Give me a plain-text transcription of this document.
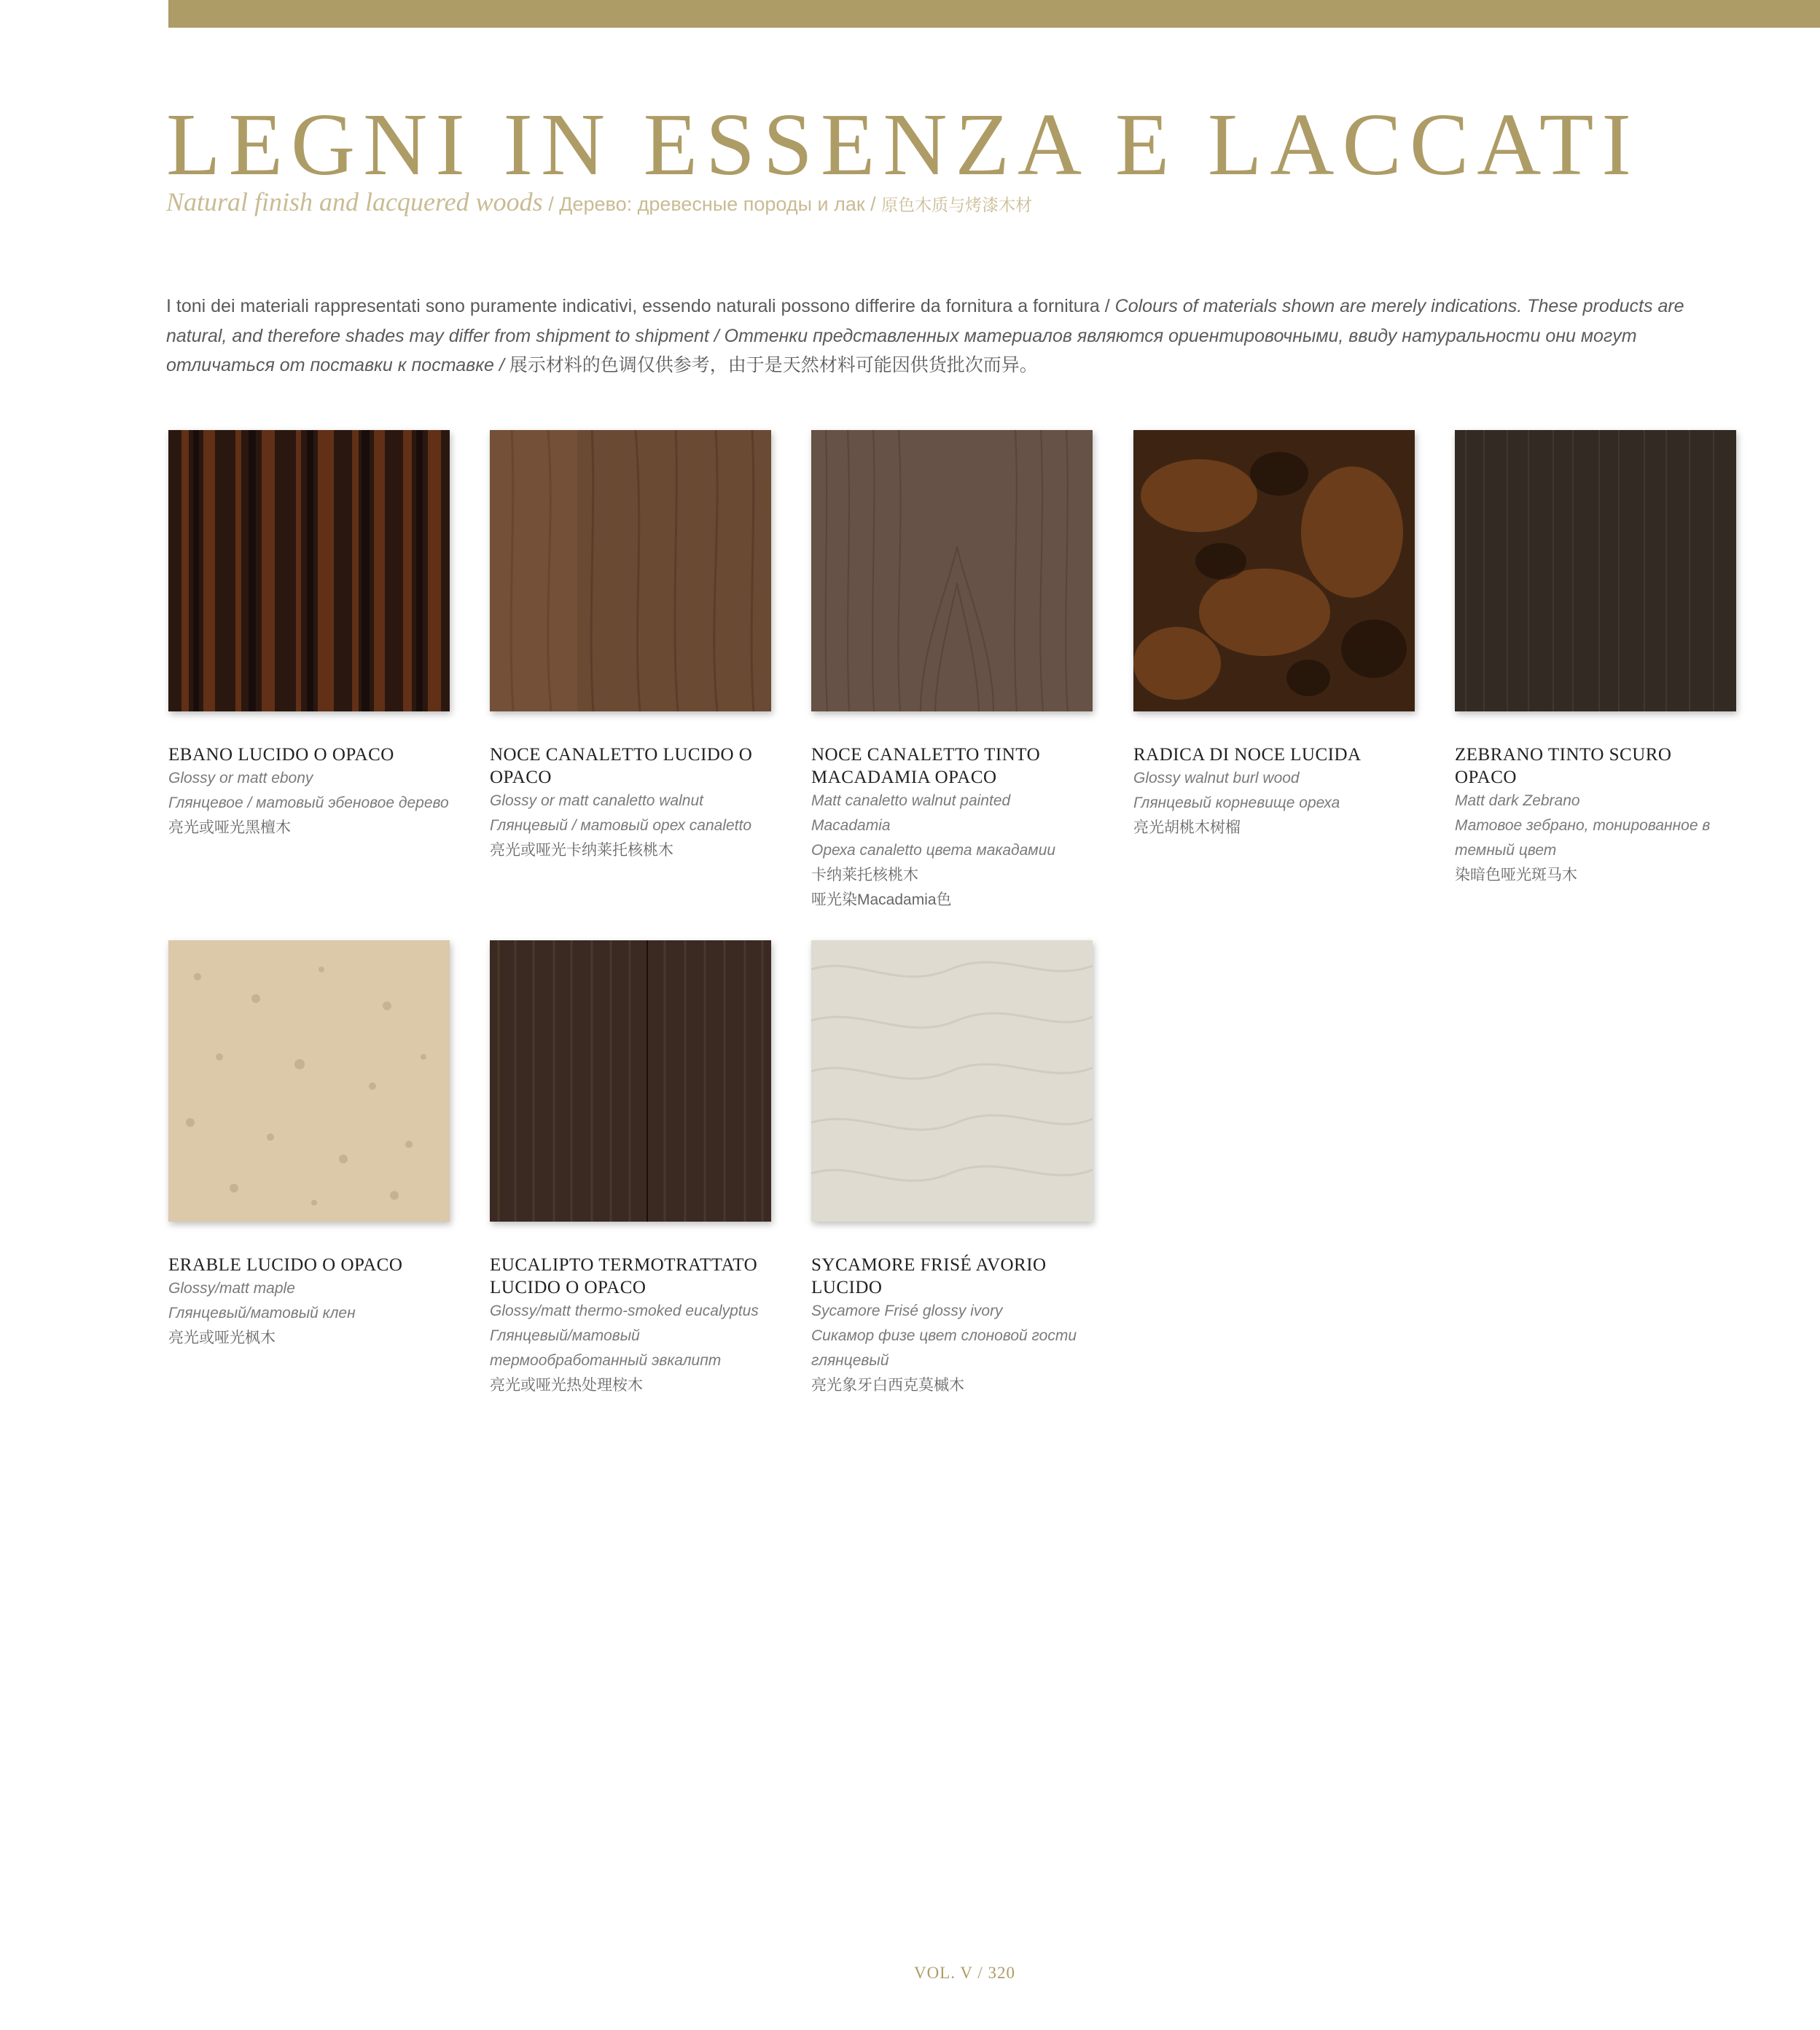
LEGNI IN ESSENZA E LACCATI
Natural finish and lacquered woods / Дерево: древесные породы и лак / 原色木质与烤漆木材

I toni dei materiali rappresentati sono puramente indicativi, essendo naturali possono differire da fornitura a fornitura / Colours of materials shown are merely indications. These products are natural, and therefore shades may differ from shipment to shipment / Оттенки представленных материалов являются ориентировочными, ввиду натуральности они могут отличаться от поставки к поставке / 展示材料的色调仅供参考，由于是天然材料可能因供货批次而异。

EBANO LUCIDO O OPACO

Glossy or matt ebony

Глянцевое / матовый эбеновое дерево

亮光或哑光黑檀木

NOCE CANALETTO LUCIDO O OPACO

Glossy or matt canaletto walnut

Глянцевый / матовый орех canaletto

亮光或哑光卡纳莱托核桃木

NOCE CANALETTO TINTO MACADAMIA OPACO

Matt canaletto walnut painted Macadamia

Ореха canaletto цвета макадамии

卡纳莱托核桃木

哑光染Macadamia色

RADICA DI NOCE LUCIDA

Glossy walnut burl wood

Глянцевый корневище ореха

亮光胡桃木树榴

ZEBRANO TINTO SCURO OPACO

Matt dark Zebrano

Матовое зебрано, тонированное в темный цвет

染暗色哑光斑马木

ERABLE LUCIDO O OPACO

Glossy/matt maple

Глянцевый/матовый клен

亮光或哑光枫木

EUCALIPTO TERMOTRATTATO LUCIDO O OPACO

Glossy/matt thermo-smoked eucalyptus

Глянцевый/матовый термообработанный эвкалипт

亮光或哑光热处理桉木

SYCAMORE FRISÉ AVORIO LUCIDO

Sycamore Frisé glossy ivory

Сикамор физе цвет слоновой гости глянцевый

亮光象牙白西克莫槭木

VOL. V / 320
